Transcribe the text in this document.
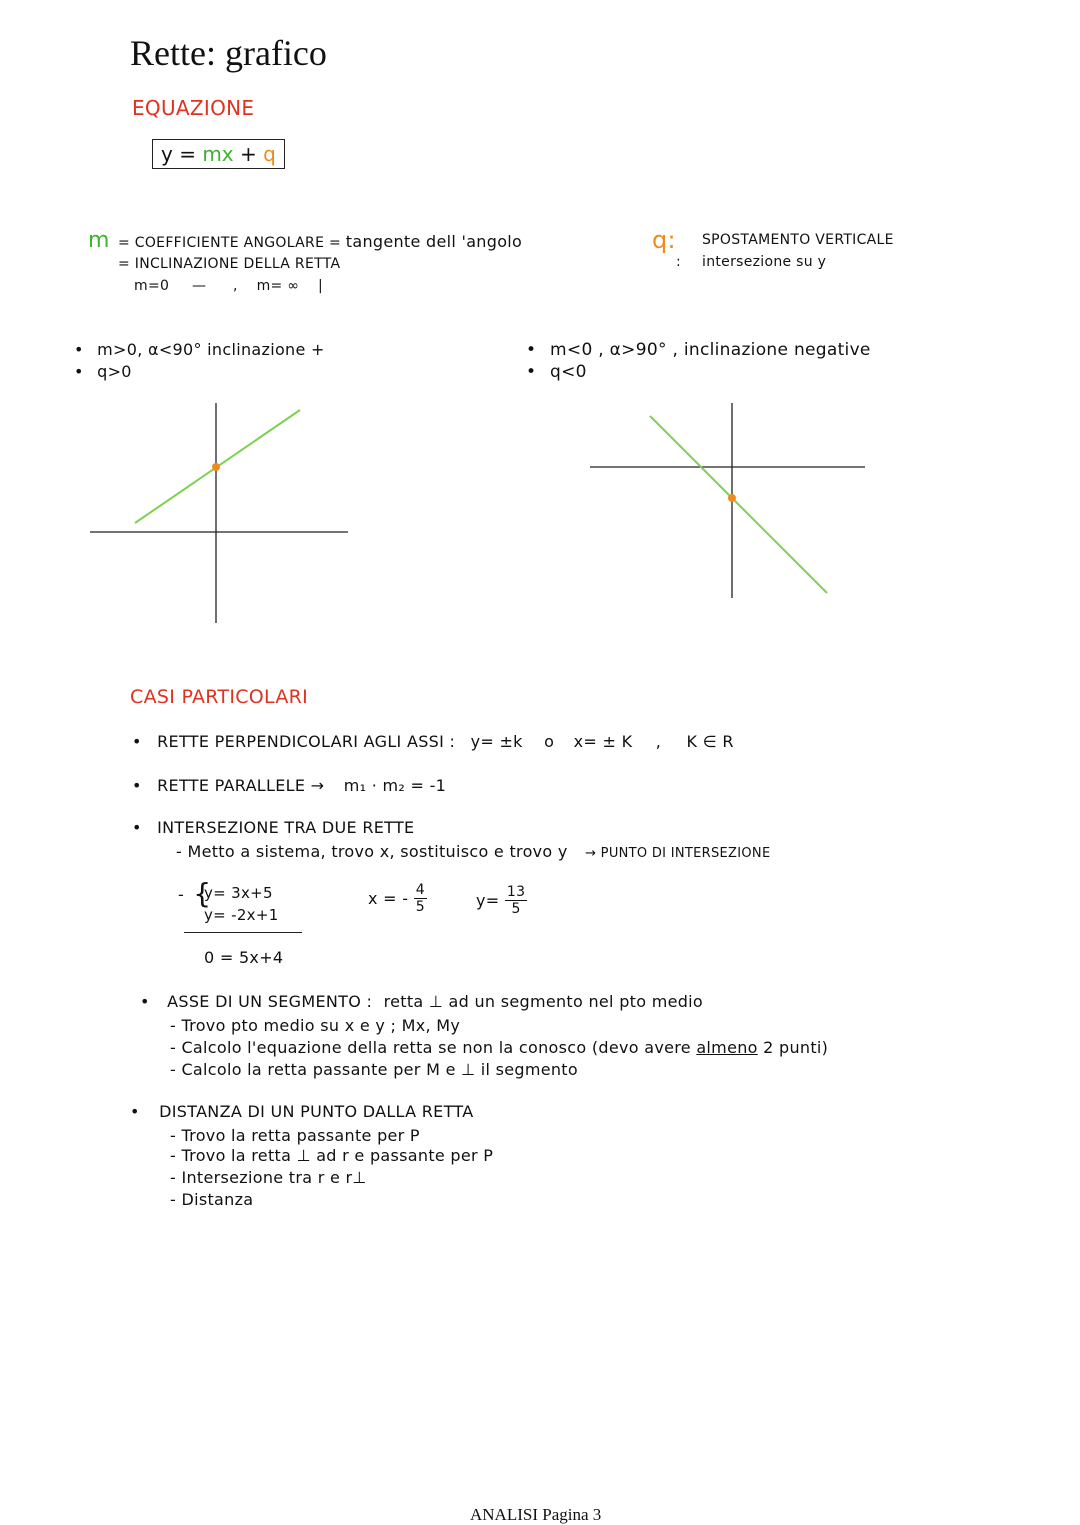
Rette: grafico
EQUAZIONE
y = mx + q
m = COEFFICIENTE ANGOLARE = tangente dell 'angolo
= INCLINAZIONE DELLA RETTA
m=0 — , m= ∞ |
q: SPOSTAMENTO VERTICALE
: intersezione su y
• m>0, α<90° inclinazione +
• q>0
• m<0 , α>90° , inclinazione negative
• q<0
CASI PARTICOLARI
• RETTE PERPENDICOLARI AGLI ASSI : y= ±k o x= ± K , K ∈ R
• RETTE PARALLELE → m₁ · m₂ = -1
• INTERSEZIONE TRA DUE RETTE
- Metto a sistema, trovo x, sostituisco e trovo y → PUNTO DI INTERSEZIONE
- {
y= 3x+5
y= -2x+1
0 = 5x+4
x = - $\frac{4}{5}$	$y= \frac{13}{5}$
• ASSE DI UN SEGMENTO : retta ⊥ ad un segmento nel pto medio
- Trovo pto medio su x e y ; Mx, My
- Calcolo l'equazione della retta se non la conosco (devo avere almeno 2 punti)
- Calcolo la retta passante per M e ⊥ il segmento
• DISTANZA DI UN PUNTO DALLA RETTA
- Trovo la retta passante per P
- Trovo la retta ⊥ ad r e passante per P
- Intersezione tra r e r⊥
- Distanza
ANALISI Pagina 3
